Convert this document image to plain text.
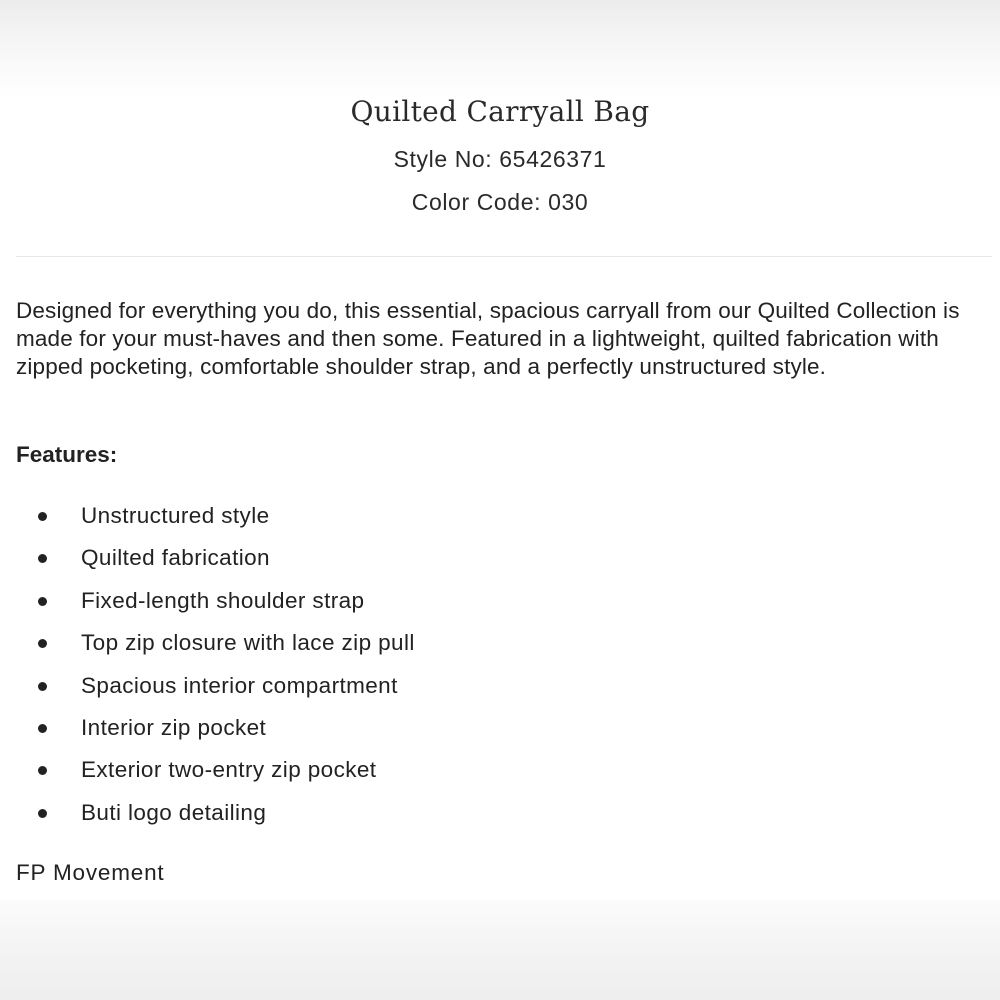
Quilted Carryall Bag
Style No: 65426371
Color Code: 030
Designed for everything you do, this essential, spacious carryall from our Quilted Collection is made for your must-haves and then some. Featured in a lightweight, quilted fabrication with zipped pocketing, comfortable shoulder strap, and a perfectly unstructured style.
Features:
Unstructured style
Quilted fabrication
Fixed-length shoulder strap
Top zip closure with lace zip pull
Spacious interior compartment
Interior zip pocket
Exterior two-entry zip pocket
Buti logo detailing
FP Movement
